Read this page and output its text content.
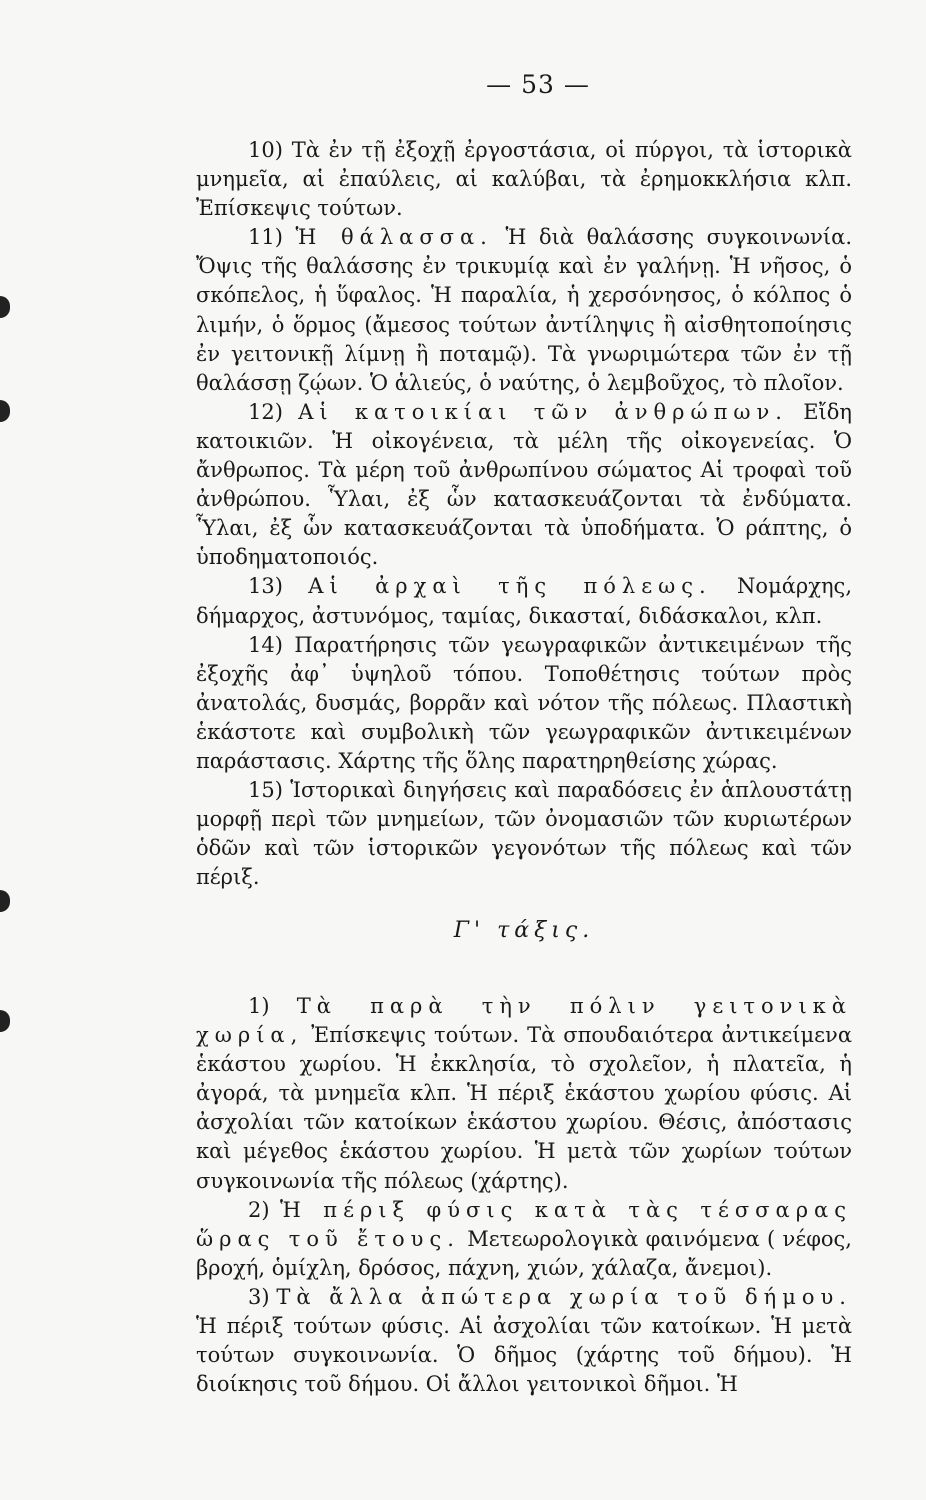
— 53 —

10) Τὰ ἐν τῇ ἐξοχῇ ἐργοστάσια, οἱ πύργοι, τὰ ἱστορικὰ μνημεῖα, αἱ ἐπαύλεις, αἱ καλύβαι, τὰ ἐρημοκκλήσια κλπ. Ἐπίσκεψις τούτων.

11) Ἡ θάλασσα. Ἡ διὰ θαλάσσης συγκοινωνία. Ὄψις τῆς θαλάσσης ἐν τρικυμίᾳ καὶ ἐν γαλήνῃ. Ἡ νῆσος, ὁ σκόπελος, ἡ ὕφαλος. Ἡ παραλία, ἡ χερσόνησος, ὁ κόλπος ὁ λιμήν, ὁ ὅρμος (ἄμεσος τούτων ἀντίληψις ἢ αἰσθητοποίησις ἐν γειτονικῇ λίμνῃ ἢ ποταμῷ). Τὰ γνωριμώτερα τῶν ἐν τῇ θαλάσσῃ ζῴων. Ὁ ἁλιεύς, ὁ ναύτης, ὁ λεμβοῦχος, τὸ πλοῖον.

12) Αἱ κατοικίαι τῶν ἀνθρώπων. Εἴδη κατοικιῶν. Ἡ οἰκογένεια, τὰ μέλη τῆς οἰκογενείας. Ὁ ἄνθρωπος. Τὰ μέρη τοῦ ἀνθρωπίνου σώματος Αἱ τροφαὶ τοῦ ἀνθρώπου. Ὗλαι, ἐξ ὧν κατασκευάζονται τὰ ἐνδύματα. Ὗλαι, ἐξ ὧν κατασκευάζονται τὰ ὑποδήματα. Ὁ ράπτης, ὁ ὑποδηματοποιός.

13) Αἱ ἀρχαὶ τῆς πόλεως. Νομάρχης, δήμαρχος, ἀστυνόμος, ταμίας, δικασταί, διδάσκαλοι, κλπ.

14) Παρατήρησις τῶν γεωγραφικῶν ἀντικειμένων τῆς ἐξοχῆς ἀφ᾽ ὑψηλοῦ τόπου. Τοποθέτησις τούτων πρὸς ἀνατολάς, δυσμάς, βορρᾶν καὶ νότον τῆς πόλεως. Πλαστικὴ ἑκάστοτε καὶ συμβολικὴ τῶν γεωγραφικῶν ἀντικειμένων παράστασις. Χάρτης τῆς ὅλης παρατηρηθείσης χώρας.

15) Ἱστορικαὶ διηγήσεις καὶ παραδόσεις ἐν ἁπλουστάτῃ μορφῇ περὶ τῶν μνημείων, τῶν ὀνομασιῶν τῶν κυριωτέρων ὁδῶν καὶ τῶν ἱστορικῶν γεγονότων τῆς πόλεως καὶ τῶν πέριξ.

Γ' τάξις.

1) Τὰ παρὰ τὴν πόλιν γειτονικὰ χωρία, Ἐπίσκεψις τούτων. Τὰ σπουδαιότερα ἀντικείμενα ἑκάστου χωρίου. Ἡ ἐκκλησία, τὸ σχολεῖον, ἡ πλατεῖα, ἡ ἀγορά, τὰ μνημεῖα κλπ. Ἡ πέριξ ἑκάστου χωρίου φύσις. Αἱ ἀσχολίαι τῶν κατοίκων ἑκάστου χωρίου. Θέσις, ἀπόστασις καὶ μέγεθος ἑκάστου χωρίου. Ἡ μετὰ τῶν χωρίων τούτων συγκοινωνία τῆς πόλεως (χάρτης).

2) Ἡ πέριξ φύσις κατὰ τὰς τέσσαρας ὥρας τοῦ ἔτους. Μετεωρολογικὰ φαινόμενα ( νέφος, βροχή, ὁμίχλη, δρόσος, πάχνη, χιών, χάλαζα, ἄνεμοι).

3) Τὰ ἄλλα ἀπώτερα χωρία τοῦ δήμου. Ἡ πέριξ τούτων φύσις. Αἱ ἀσχολίαι τῶν κατοίκων. Ἡ μετὰ τούτων συγκοινωνία. Ὁ δῆμος (χάρτης τοῦ δήμου). Ἡ διοίκησις τοῦ δήμου. Οἱ ἄλλοι γειτονικοὶ δῆμοι. Ἡ
